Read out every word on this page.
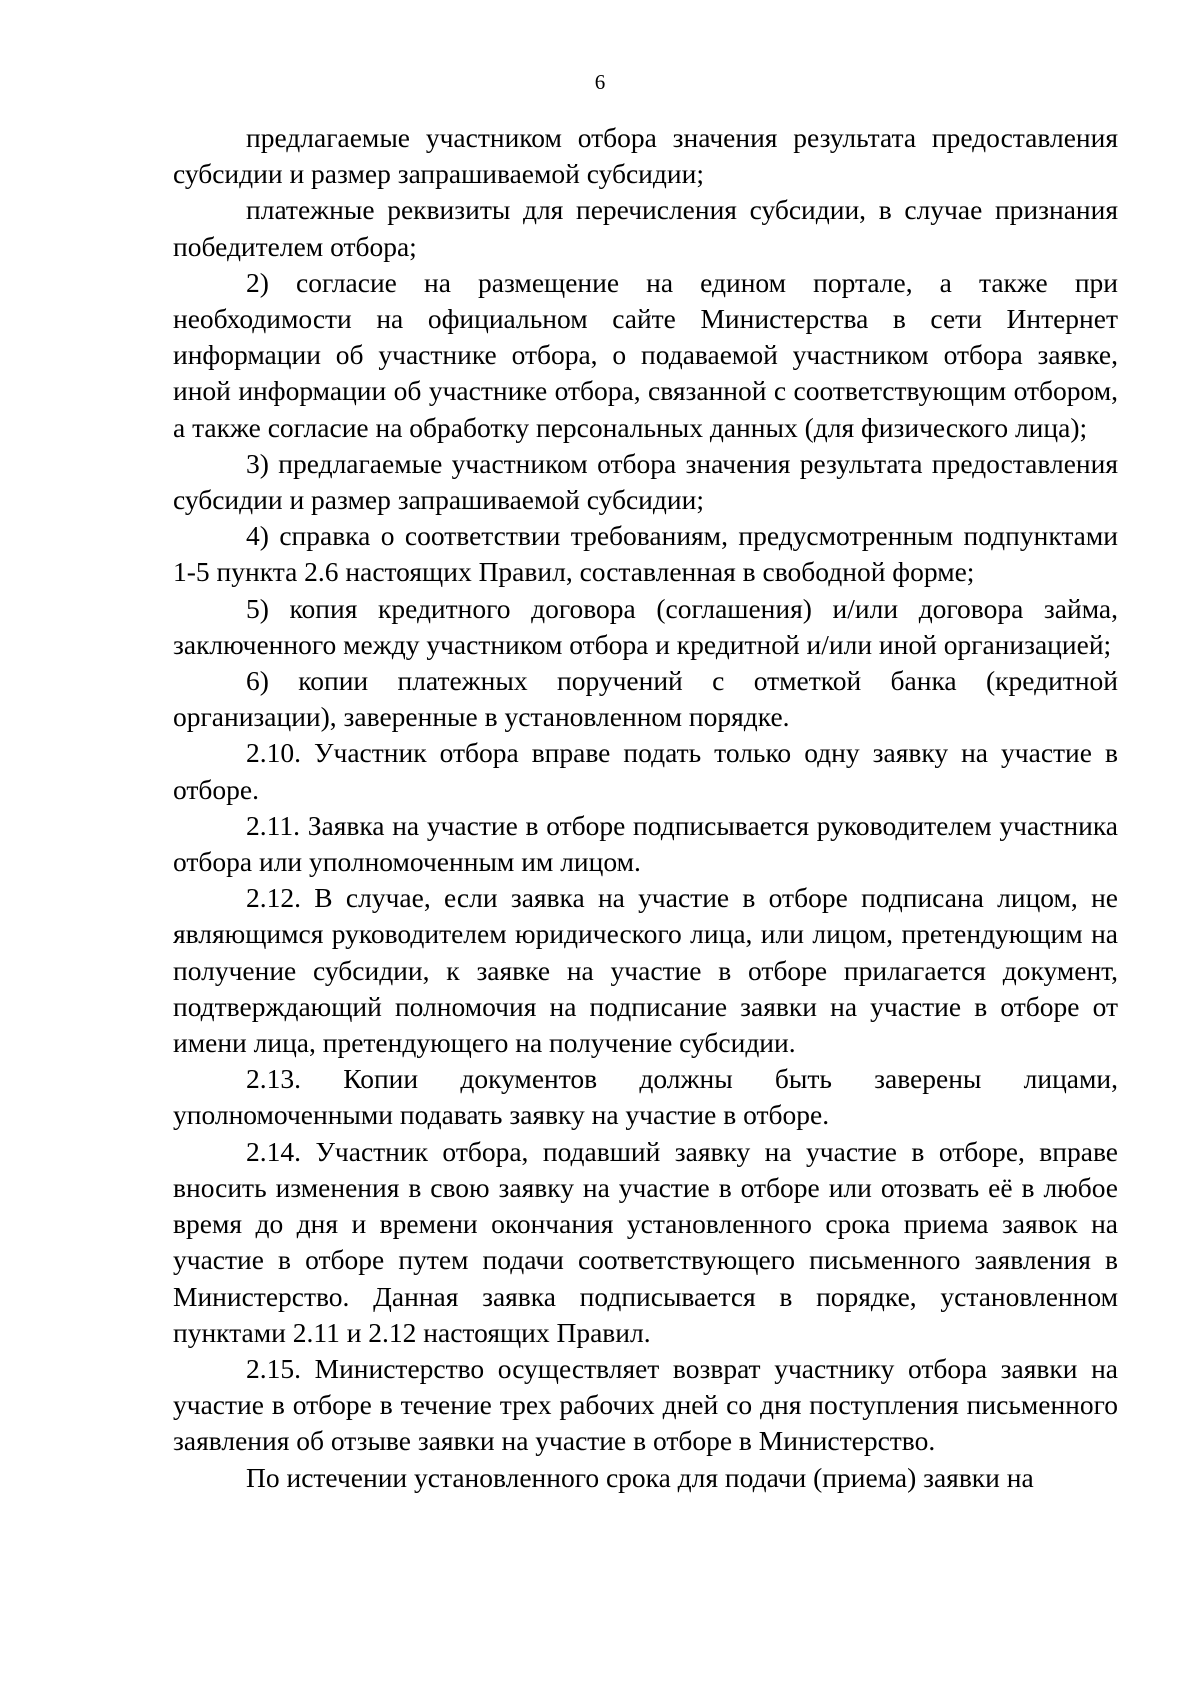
6

предлагаемые участником отбора значения результата предоставления субсидии и размер запрашиваемой субсидии;

платежные реквизиты для перечисления субсидии, в случае признания победителем отбора;

2) согласие на размещение на едином портале, а также при необходимости на официальном сайте Министерства в сети Интернет информации об участнике отбора, о подаваемой участником отбора заявке, иной информации об участнике отбора, связанной с соответствующим отбором, а также согласие на обработку персональных данных (для физического лица);

3) предлагаемые участником отбора значения результата предоставления субсидии и размер запрашиваемой субсидии;

4) справка о соответствии требованиям, предусмотренным подпунктами 1-5 пункта 2.6 настоящих Правил, составленная в свободной форме;

5) копия кредитного договора (соглашения) и/или договора займа, заключенного между участником отбора и кредитной и/или иной организацией;

6) копии платежных поручений с отметкой банка (кредитной организации), заверенные в установленном порядке.

2.10. Участник отбора вправе подать только одну заявку на участие в отборе.

2.11. Заявка на участие в отборе подписывается руководителем участника отбора или уполномоченным им лицом.

2.12. В случае, если заявка на участие в отборе подписана лицом, не являющимся руководителем юридического лица, или лицом, претендующим на получение субсидии, к заявке на участие в отборе прилагается документ, подтверждающий полномочия на подписание заявки на участие в отборе от имени лица, претендующего на получение субсидии.

2.13. Копии документов должны быть заверены лицами, уполномоченными подавать заявку на участие в отборе.

2.14. Участник отбора, подавший заявку на участие в отборе, вправе вносить изменения в свою заявку на участие в отборе или отозвать её в любое время до дня и времени окончания установленного срока приема заявок на участие в отборе путем подачи соответствующего письменного заявления в Министерство. Данная заявка подписывается в порядке, установленном пунктами 2.11 и 2.12 настоящих Правил.

2.15. Министерство осуществляет возврат участнику отбора заявки на участие в отборе в течение трех рабочих дней со дня поступления письменного заявления об отзыве заявки на участие в отборе в Министерство.

По истечении установленного срока для подачи (приема) заявки на
